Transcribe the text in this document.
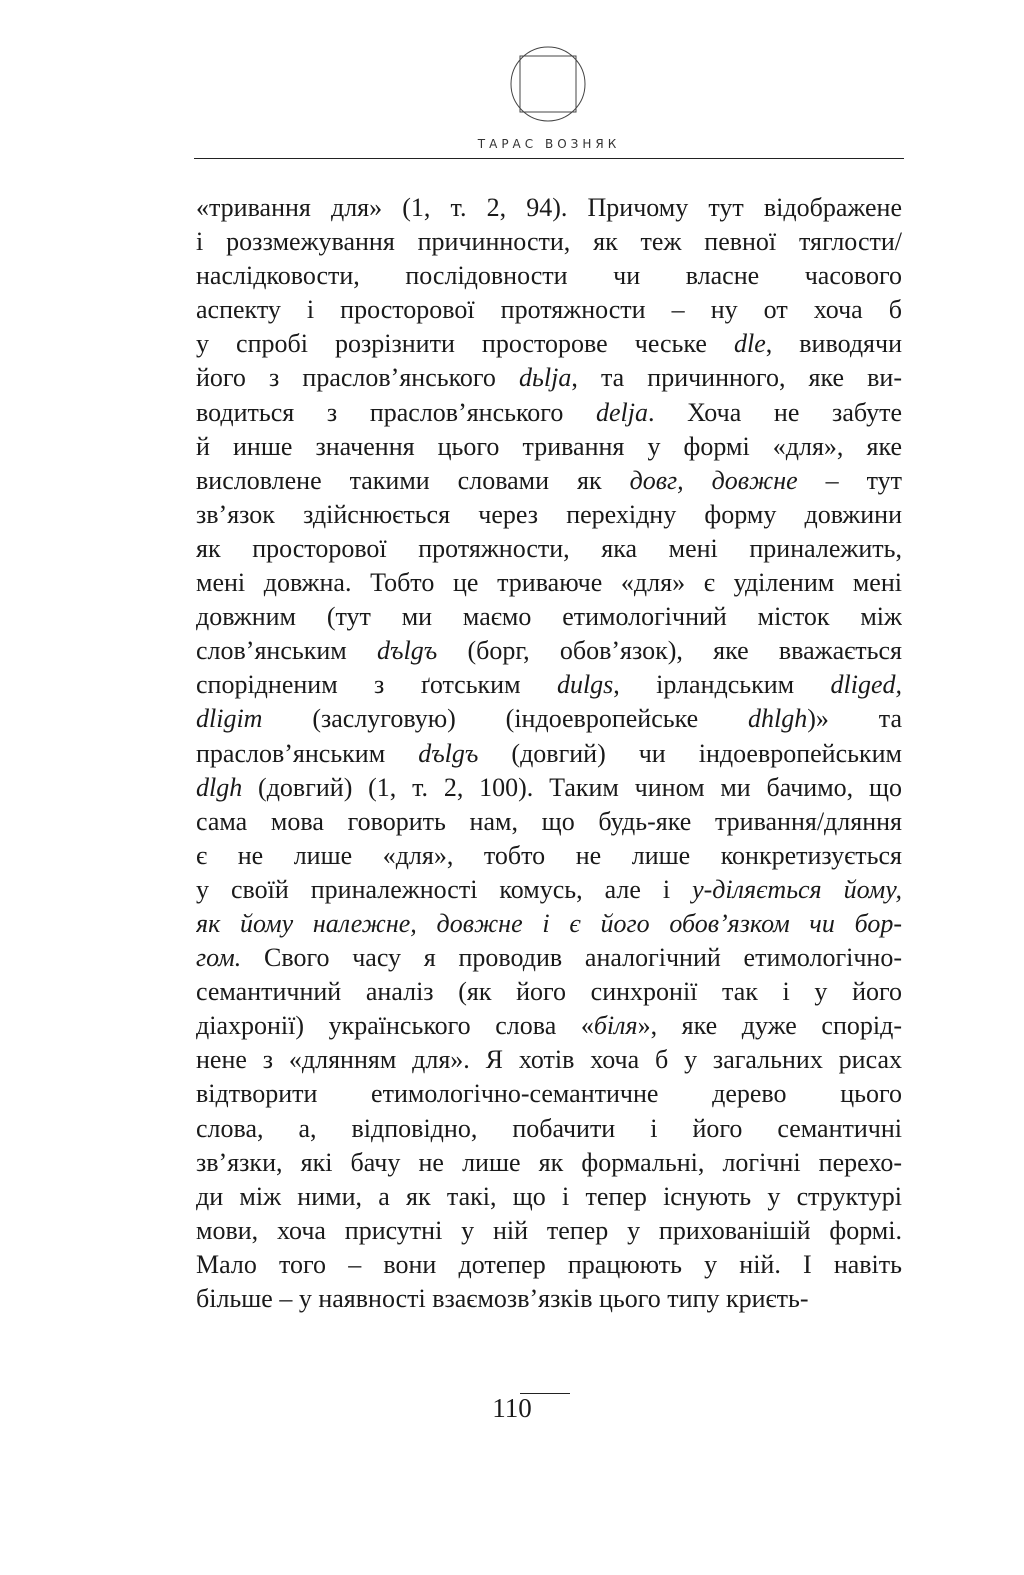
ТАРАС ВОЗНЯК
«тривання для» (1, т. 2, 94). Причому тут відображене
і роззмежування причинности, як теж певної тяглости/
наслідковости, послідовности чи власне часового
аспекту і просторової протяжности – ну от хоча б
у спробі розрізнити просторове чеське dle, виводячи
його з праслов’янського dьlja, та причинного, яке ви-
водиться з праслов’янського delja. Хоча не забуте
й инше значення цього тривання у формі «для», яке
висловлене такими словами як довг, довжне – тут
зв’язок здійснюється через перехідну форму довжини
як просторової протяжности, яка мені приналежить,
мені довжна. Тобто це триваюче «для» є уділеним мені
довжним (тут ми маємо етимологічний місток між
слов’янським dъlgъ (борг, обов’язок), яке вважається
спорідненим з ґотським dulgs, ірландським dliged,
dligim (заслуговую) (індоевропейське dhlgh)» та
праслов’янським dъlgъ (довгий) чи індоевропейським
dlgh (довгий) (1, т. 2, 100). Таким чином ми бачимо, що
сама мова говорить нам, що будь-яке тривання/дляння
є не лише «для», тобто не лише конкретизується
у своїй приналежності комусь, але і у-діляється йому,
як йому належне, довжне і є його обов’язком чи бор-
гом. Свого часу я проводив аналогічний етимологічно-
семантичний аналіз (як його синхронії так і у його
діахронії) українського слова «біля», яке дуже спорід-
нене з «длянням для». Я хотів хоча б у загальних рисах
відтворити етимологічно-семантичне дерево цього
слова, а, відповідно, побачити і його семантичні
зв’язки, які бачу не лише як формальні, логічні перехо-
ди між ними, а як такі, що і тепер існують у структурі
мови, хоча присутні у ній тепер у прихованішій формі.
Мало того – вони дотепер працюють у ній. І навіть
більше – у наявності взаємозв’язків цього типу криєть-
110
